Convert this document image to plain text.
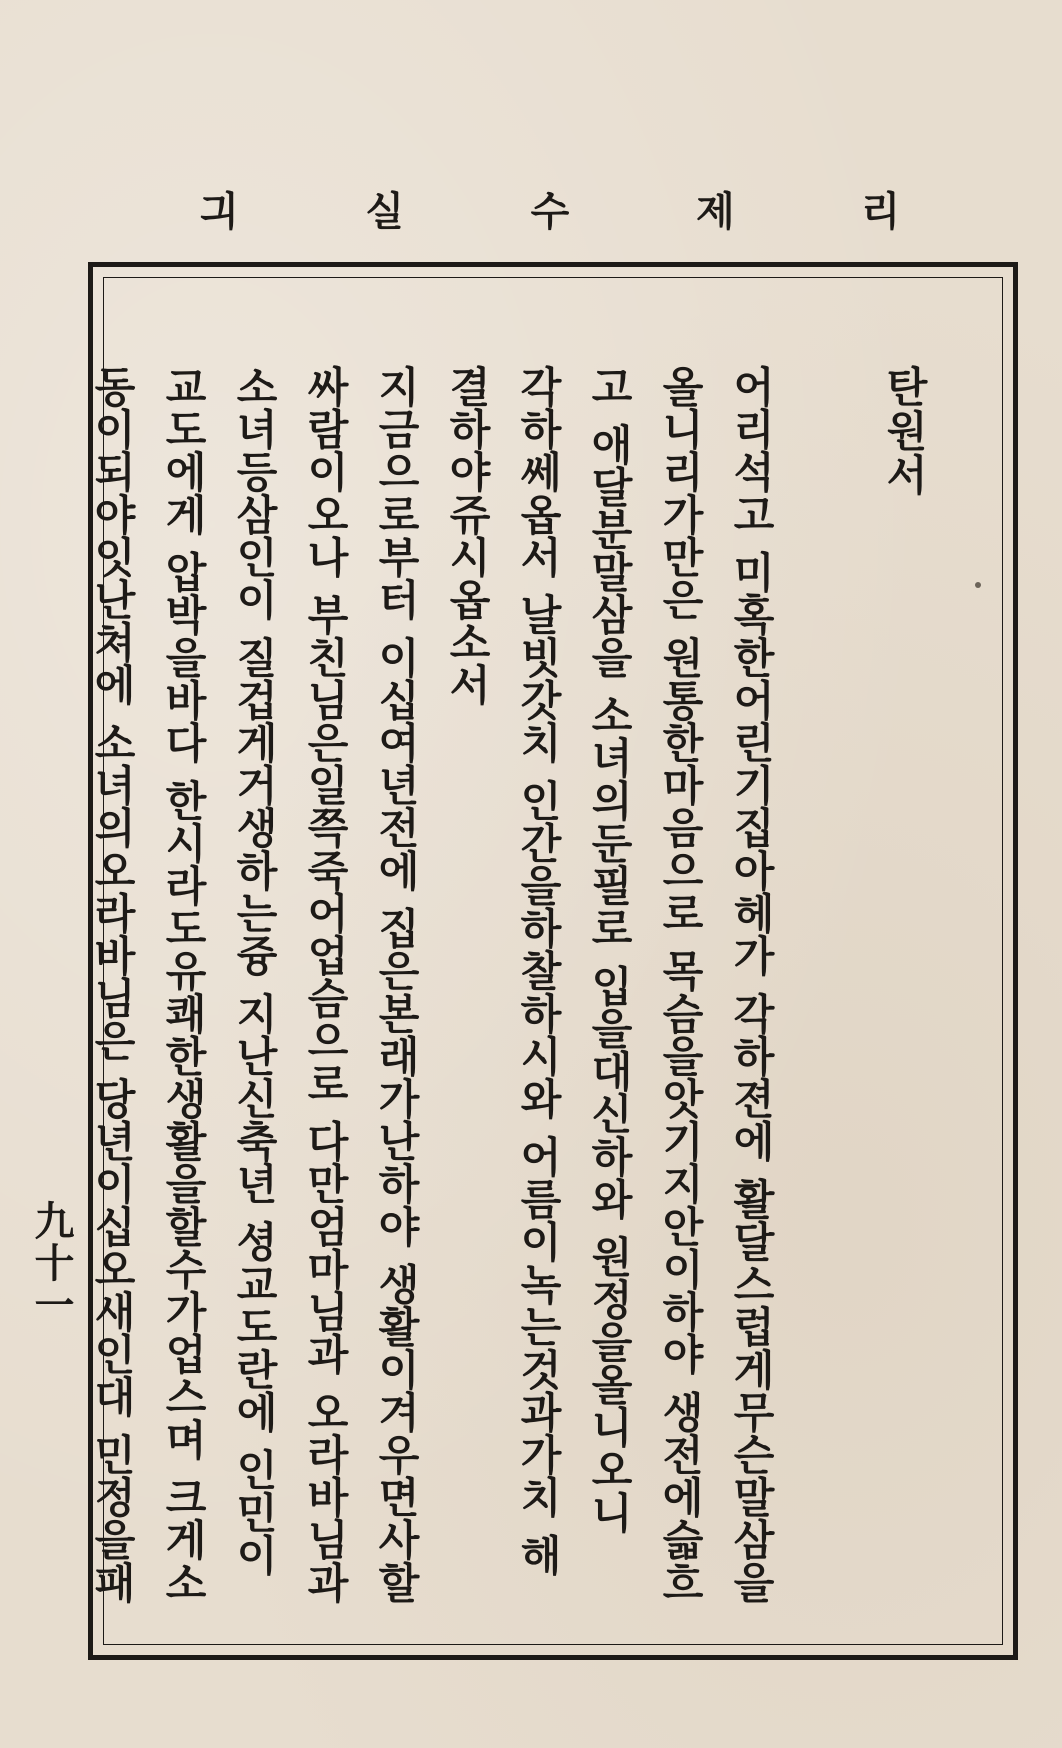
리
제
수
실
긔
탄원서
어리석고 미혹한어린기집아헤가 각하젼에 활달스럽게무슨말삼을
올니리가만은 원통한마음으로 목슴을앗기지안이하야 생전에슯흐
고 애달분말삼을 소녀의둔필로 입을대신하와 원정을올니오니
각하쎄옵서 날빗갓치 인간을하찰하시와 어름이녹는것과가치 해
결하야쥬시옵소서
지금으로부터 이십여년전에 집은본래가난하야 생활이겨우면사할
싸람이오나 부친님은일쯕죽어업슴으로 다만엄마님과 오라바님과
소녀등삼인이 질겁게거생하는즁 지난신축년 셩교도란에 인민이
교도에게 압박을바다 한시라도유쾌한생활을할수가업스며 크게소
동이되야잇난쳐에 소녀의오라바님은 당년이십오새인대 민정을패
九十一
